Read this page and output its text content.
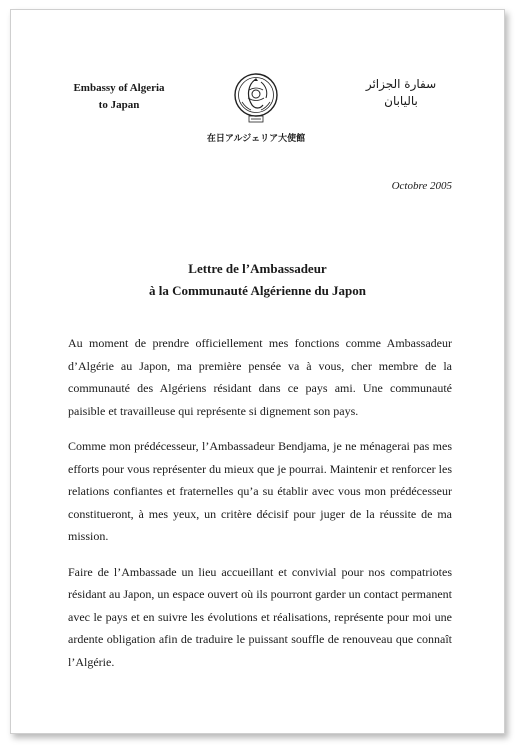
Embassy of Algeria
to Japan
在日アルジェリア大使館
سفارة الجزائر
باليابان
Octobre 2005
Lettre de l’Ambassadeur
à la Communauté Algérienne du Japon

Au moment de prendre officiellement mes fonctions comme Ambassadeur d’Algérie au Japon, ma première pensée va à vous, cher membre de la communauté des Algériens résidant dans ce pays ami. Une communauté paisible et travailleuse qui représente si dignement son pays.

Comme mon prédécesseur, l’Ambassadeur Bendjama, je ne ménagerai pas mes efforts pour vous représenter du mieux que je pourrai. Maintenir et renforcer les relations confiantes et fraternelles qu’a su établir avec vous mon prédécesseur constitueront, à mes yeux, un critère décisif pour juger de la réussite de ma mission.

Faire de l’Ambassade un lieu accueillant et convivial pour nos compatriotes résidant au Japon, un espace ouvert où ils pourront garder un contact permanent avec le pays et en suivre les évolutions et réalisations, représente pour moi une ardente obligation afin de traduire le puissant souffle de renouveau que connaît l’Algérie.
